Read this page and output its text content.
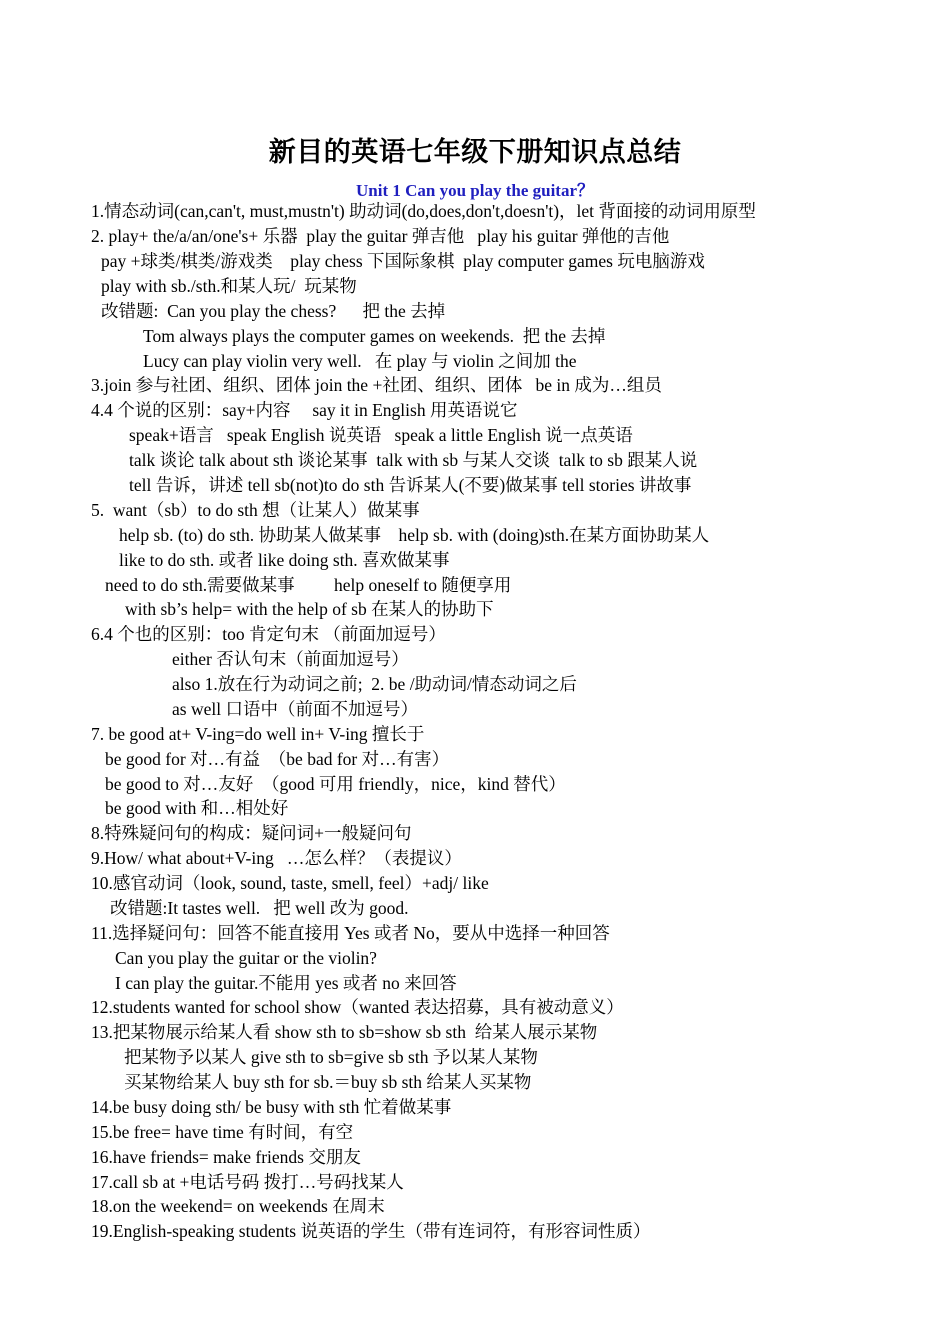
新目的英语七年级下册知识点总结
Unit 1 Can you play the guitar？
1.情态动词(can,can't, must,mustn't) 助动词(do,does,don't,doesn't)，let 背面接的动词用原型
2. play+ the/a/an/one's+ 乐器  play the guitar 弹吉他   play his guitar 弹他的吉他
pay +球类/棋类/游戏类    play chess 下国际象棋  play computer games 玩电脑游戏
play with sb./sth.和某人玩/  玩某物
改错题:  Can you play the chess?      把 the 去掉
Tom always plays the computer games on weekends.  把 the 去掉
Lucy can play violin very well.   在 play 与 violin 之间加 the
3.join 参与社团、组织、团体 join the +社团、组织、团体   be in 成为…组员
4.4 个说的区别：say+内容     say it in English 用英语说它
speak+语言   speak English 说英语   speak a little English 说一点英语
talk 谈论 talk about sth 谈论某事  talk with sb 与某人交谈  talk to sb 跟某人说
tell 告诉，讲述 tell sb(not)to do sth 告诉某人(不要)做某事 tell stories 讲故事
5.  want（sb）to do sth 想（让某人）做某事
help sb. (to) do sth. 协助某人做某事    help sb. with (doing)sth.在某方面协助某人
like to do sth. 或者 like doing sth. 喜欢做某事
need to do sth.需要做某事         help oneself to 随便享用
with sb’s help= with the help of sb 在某人的协助下
6.4 个也的区别：too 肯定句末 （前面加逗号）
either 否认句末（前面加逗号）
also 1.放在行为动词之前;  2. be /助动词/情态动词之后
as well 口语中（前面不加逗号）
7. be good at+ V-ing=do well in+ V-ing 擅长于
be good for 对…有益  （be bad for 对…有害）
be good to 对…友好  （good 可用 friendly，nice，kind 替代）
be good with 和…相处好
8.特殊疑问句的构成：疑问词+一般疑问句
9.How/ what about+V-ing   …怎么样？（表提议）
10.感官动词（look, sound, taste, smell, feel）+adj/ like
改错题:It tastes well.   把 well 改为 good.
11.选择疑问句：回答不能直接用 Yes 或者 No，要从中选择一种回答
Can you play the guitar or the violin?
I can play the guitar.不能用 yes 或者 no 来回答
12.students wanted for school show（wanted 表达招募，具有被动意义）
13.把某物展示给某人看 show sth to sb=show sb sth  给某人展示某物
把某物予以某人 give sth to sb=give sb sth 予以某人某物
买某物给某人 buy sth for sb.＝buy sb sth 给某人买某物
14.be busy doing sth/ be busy with sth 忙着做某事
15.be free= have time 有时间，有空
16.have friends= make friends 交朋友
17.call sb at +电话号码 拨打…号码找某人
18.on the weekend= on weekends 在周末
19.English-speaking students 说英语的学生（带有连词符，有形容词性质）
